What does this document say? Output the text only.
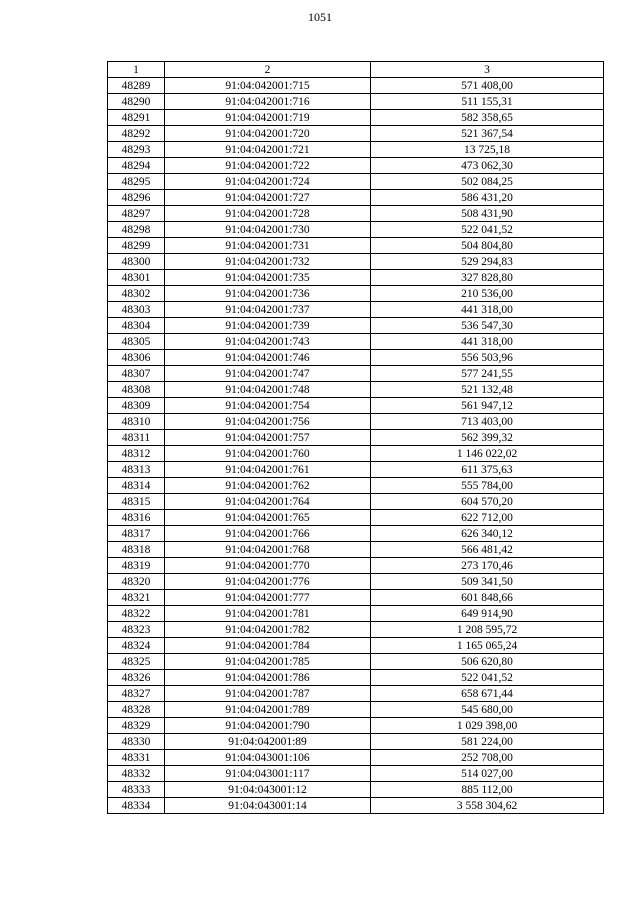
1051
1	2	3
48289	91:04:042001:715	571 408,00
48290	91:04:042001:716	511 155,31
48291	91:04:042001:719	582 358,65
48292	91:04:042001:720	521 367,54
48293	91:04:042001:721	13 725,18
48294	91:04:042001:722	473 062,30
48295	91:04:042001:724	502 084,25
48296	91:04:042001:727	586 431,20
48297	91:04:042001:728	508 431,90
48298	91:04:042001:730	522 041,52
48299	91:04:042001:731	504 804,80
48300	91:04:042001:732	529 294,83
48301	91:04:042001:735	327 828,80
48302	91:04:042001:736	210 536,00
48303	91:04:042001:737	441 318,00
48304	91:04:042001:739	536 547,30
48305	91:04:042001:743	441 318,00
48306	91:04:042001:746	556 503,96
48307	91:04:042001:747	577 241,55
48308	91:04:042001:748	521 132,48
48309	91:04:042001:754	561 947,12
48310	91:04:042001:756	713 403,00
48311	91:04:042001:757	562 399,32
48312	91:04:042001:760	1 146 022,02
48313	91:04:042001:761	611 375,63
48314	91:04:042001:762	555 784,00
48315	91:04:042001:764	604 570,20
48316	91:04:042001:765	622 712,00
48317	91:04:042001:766	626 340,12
48318	91:04:042001:768	566 481,42
48319	91:04:042001:770	273 170,46
48320	91:04:042001:776	509 341,50
48321	91:04:042001:777	601 848,66
48322	91:04:042001:781	649 914,90
48323	91:04:042001:782	1 208 595,72
48324	91:04:042001:784	1 165 065,24
48325	91:04:042001:785	506 620,80
48326	91:04:042001:786	522 041,52
48327	91:04:042001:787	658 671,44
48328	91:04:042001:789	545 680,00
48329	91:04:042001:790	1 029 398,00
48330	91:04:042001:89	581 224,00
48331	91:04:043001:106	252 708,00
48332	91:04:043001:117	514 027,00
48333	91:04:043001:12	885 112,00
48334	91:04:043001:14	3 558 304,62
